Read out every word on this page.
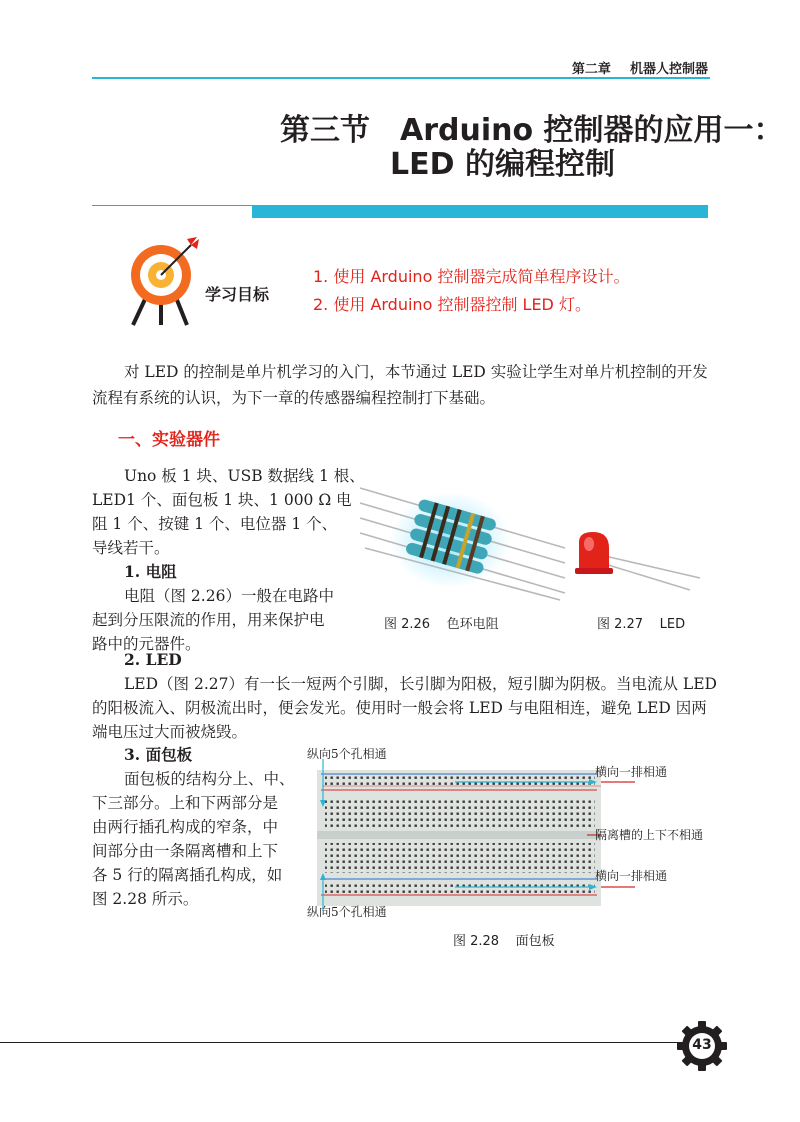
第二章 机器人控制器
第三节 Arduino 控制器的应用一：
LED 的编程控制
学习目标
1. 使用 Arduino 控制器完成简单程序设计。
2. 使用 Arduino 控制器控制 LED 灯。
对 LED 的控制是单片机学习的入门，本节通过 LED 实验让学生对单片机控制的开发
流程有系统的认识，为下一章的传感器编程控制打下基础。
一、实验器件
Uno 板 1 块、USB 数据线 1 根、
LED1 个、面包板 1 块、1 000 Ω 电
阻 1 个、按键 1 个、电位器 1 个、
导线若干。
1. 电阻
电阻（图 2.26）一般在电路中
起到分压限流的作用，用来保护电
路中的元器件。
图 2.26    色环电阻	图 2.27    LED
2. LED
LED（图 2.27）有一长一短两个引脚，长引脚为阳极，短引脚为阴极。当电流从 LED
的阳极流入、阴极流出时，便会发光。使用时一般会将 LED 与电阻相连，避免 LED 因两
端电压过大而被烧毁。
3. 面包板
面包板的结构分上、中、
下三部分。上和下两部分是
由两行插孔构成的窄条，中
间部分由一条隔离槽和上下
各 5 行的隔离插孔构成，如
图 2.28 所示。
纵向5个孔相通
横向一排相通
隔离槽的上下不相通
横向一排相通
纵向5个孔相通
图 2.28    面包板
43
